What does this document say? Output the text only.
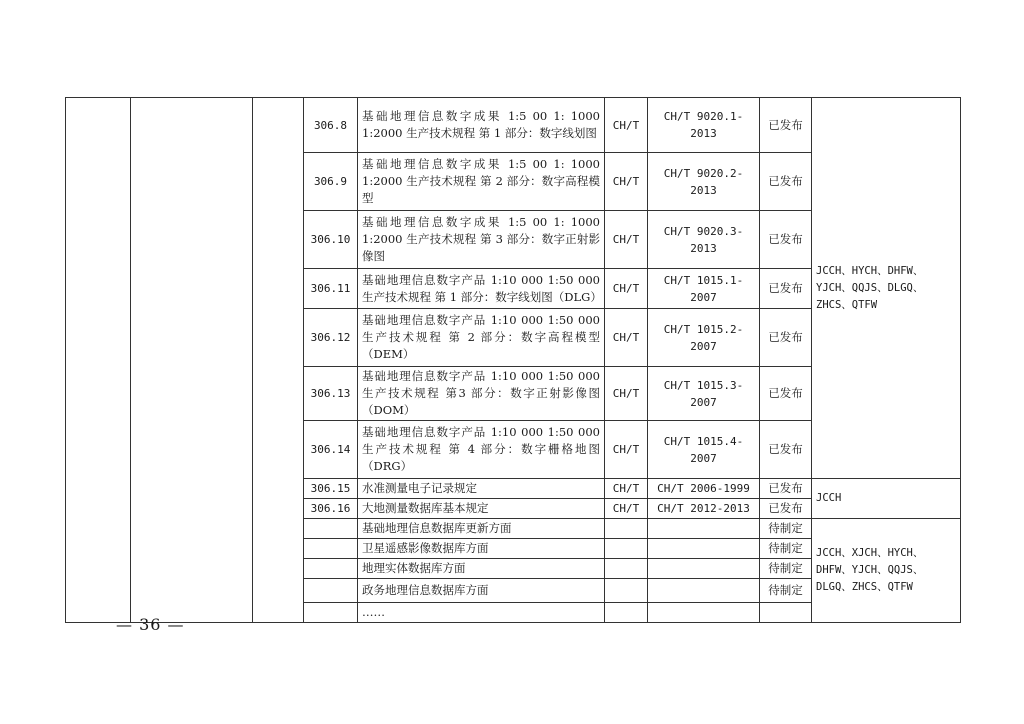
			306.8	基础地理信息数字成果 1:5 00 1: 1000 1:2000 生产技术规程 第 1 部分：数字线划图	CH/T	CH/T 9020.1-2013	已发布	JCCH、HYCH、DHFW、YJCH、QQJS、DLGQ、ZHCS、QTFW
			306.9	基础地理信息数字成果 1:5 00 1: 1000 1:2000 生产技术规程 第 2 部分：数字高程模型	CH/T	CH/T 9020.2-2013	已发布	
			306.10	基础地理信息数字成果 1:5 00 1: 1000 1:2000 生产技术规程 第 3 部分：数字正射影像图	CH/T	CH/T 9020.3-2013	已发布	
			306.11	基础地理信息数字产品 1:10 000 1:50 000 生产技术规程 第 1 部分：数字线划图（DLG）	CH/T	CH/T 1015.1-2007	已发布	
			306.12	基础地理信息数字产品 1:10 000 1:50 000 生产技术规程 第 2 部分：数字高程模型（DEM）	CH/T	CH/T 1015.2-2007	已发布	
			306.13	基础地理信息数字产品 1:10 000 1:50 000 生产技术规程 第3 部分：数字正射影像图（DOM）	CH/T	CH/T 1015.3-2007	已发布	
			306.14	基础地理信息数字产品 1:10 000 1:50 000 生产技术规程 第 4 部分：数字栅格地图（DRG）	CH/T	CH/T 1015.4-2007	已发布	
			306.15	水准测量电子记录规定	CH/T	CH/T 2006-1999	已发布	JCCH
			306.16	大地测量数据库基本规定	CH/T	CH/T 2012-2013	已发布	
				基础地理信息数据库更新方面			待制定	JCCH、XJCH、HYCH、DHFW、YJCH、QQJS、DLGQ、ZHCS、QTFW
				卫星遥感影像数据库方面			待制定	
				地理实体数据库方面			待制定	
				政务地理信息数据库方面			待制定	
				……				
— 36 —
